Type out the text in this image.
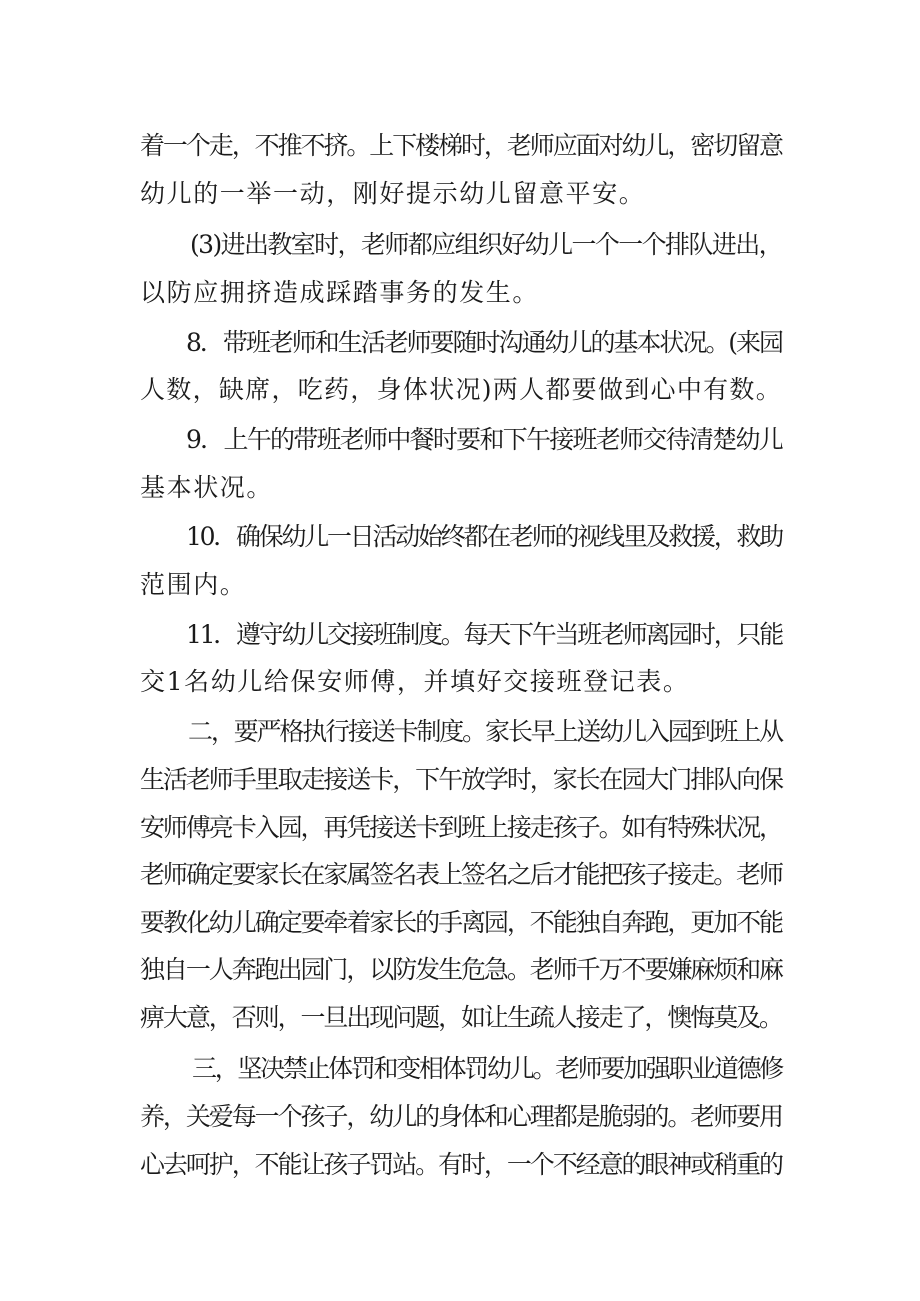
着一个走，不推不挤。上下楼梯时，老师应面对幼儿，密切留意
幼儿的一举一动，刚好提示幼儿留意平安。
(3)进出教室时，老师都应组织好幼儿一个一个排队进出，
以防应拥挤造成踩踏事务的发生。
8．带班老师和生活老师要随时沟通幼儿的基本状况。(来园
人数，缺席，吃药，身体状况)两人都要做到心中有数。
9．上午的带班老师中餐时要和下午接班老师交待清楚幼儿
基本状况。
10．确保幼儿一日活动始终都在老师的视线里及救援，救助
范围内。
11．遵守幼儿交接班制度。每天下午当班老师离园时，只能
交1名幼儿给保安师傅，并填好交接班登记表。
二，要严格执行接送卡制度。家长早上送幼儿入园到班上从
生活老师手里取走接送卡，下午放学时，家长在园大门排队向保
安师傅亮卡入园，再凭接送卡到班上接走孩子。如有特殊状况，
老师确定要家长在家属签名表上签名之后才能把孩子接走。老师
要教化幼儿确定要牵着家长的手离园，不能独自奔跑，更加不能
独自一人奔跑出园门，以防发生危急。老师千万不要嫌麻烦和麻
痹大意，否则，一旦出现问题，如让生疏人接走了，懊悔莫及。
三，坚决禁止体罚和变相体罚幼儿。老师要加强职业道德修
养，关爱每一个孩子，幼儿的身体和心理都是脆弱的。老师要用
心去呵护，不能让孩子罚站。有时，一个不经意的眼神或稍重的
